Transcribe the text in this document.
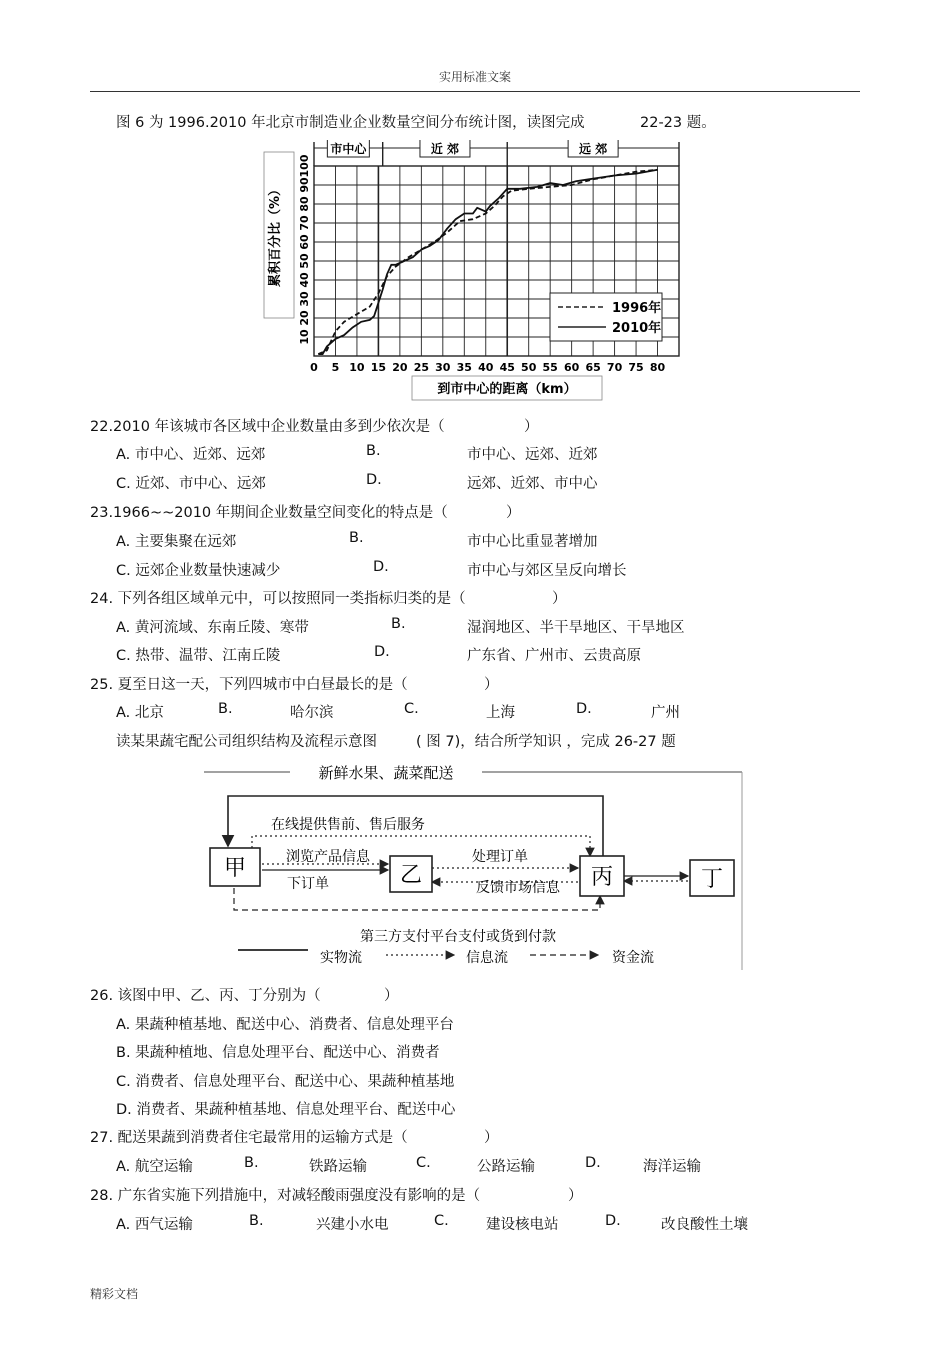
实用标准文案
图 6 为 1996.2010 年北京市制造业企业数量空间分布统计图，读图完成	22-23 题。
市中心	近 郊	远 郊
0 5 10 15 20 25 30 35 40 45 50 55 60 65 70 75 80
10
20
30
40
50
60
70
80
90
100
累积百分比（%）
到市中心的距离（km）
1996年
2010年
22.2010 年该城市各区域中企业数量由多到少依次是（	）
A. 市中心、近郊、远郊	B.	市中心、远郊、近郊
C. 近郊、市中心、远郊	D.	远郊、近郊、市中心
23.1966~~2010 年期间企业数量空间变化的特点是（	）
A. 主要集聚在远郊	B.	市中心比重显著增加
C. 远郊企业数量快速减少	D.	市中心与郊区呈反向增长
24. 下列各组区域单元中，可以按照同一类指标归类的是（	）
A. 黄河流域、东南丘陵、寒带	B.	湿润地区、半干旱地区、干旱地区
C. 热带、温带、江南丘陵	D.	广东省、广州市、云贵高原
25. 夏至日这一天，下列四城市中白昼最长的是（	）
A. 北京	B.	哈尔滨	C.	上海	D.	广州
读某果蔬宅配公司组织结构及流程示意图	( 图 7)，结合所学知识 ，完成 26-27 题
新鲜水果、蔬菜配送
在线提供售前、售后服务
浏览产品信息
下订单
处理订单
反馈市场信息
第三方支付平台支付或货到付款
甲	乙	丙	丁
实物流	信息流	资金流
26. 该图中甲、乙、丙、丁分别为（	）
A. 果蔬种植基地、配送中心、消费者、信息处理平台
B. 果蔬种植地、信息处理平台、配送中心、消费者
C. 消费者、信息处理平台、配送中心、果蔬种植基地
D. 消费者、果蔬种植基地、信息处理平台、配送中心
27. 配送果蔬到消费者住宅最常用的运输方式是（	）
A. 航空运输	B.	铁路运输	C.	公路运输	D.	海洋运输
28. 广东省实施下列措施中，对减轻酸雨强度没有影响的是（	）
A. 西气运输	B.	兴建小水电	C.	建设核电站	D.	改良酸性土壤
精彩文档
